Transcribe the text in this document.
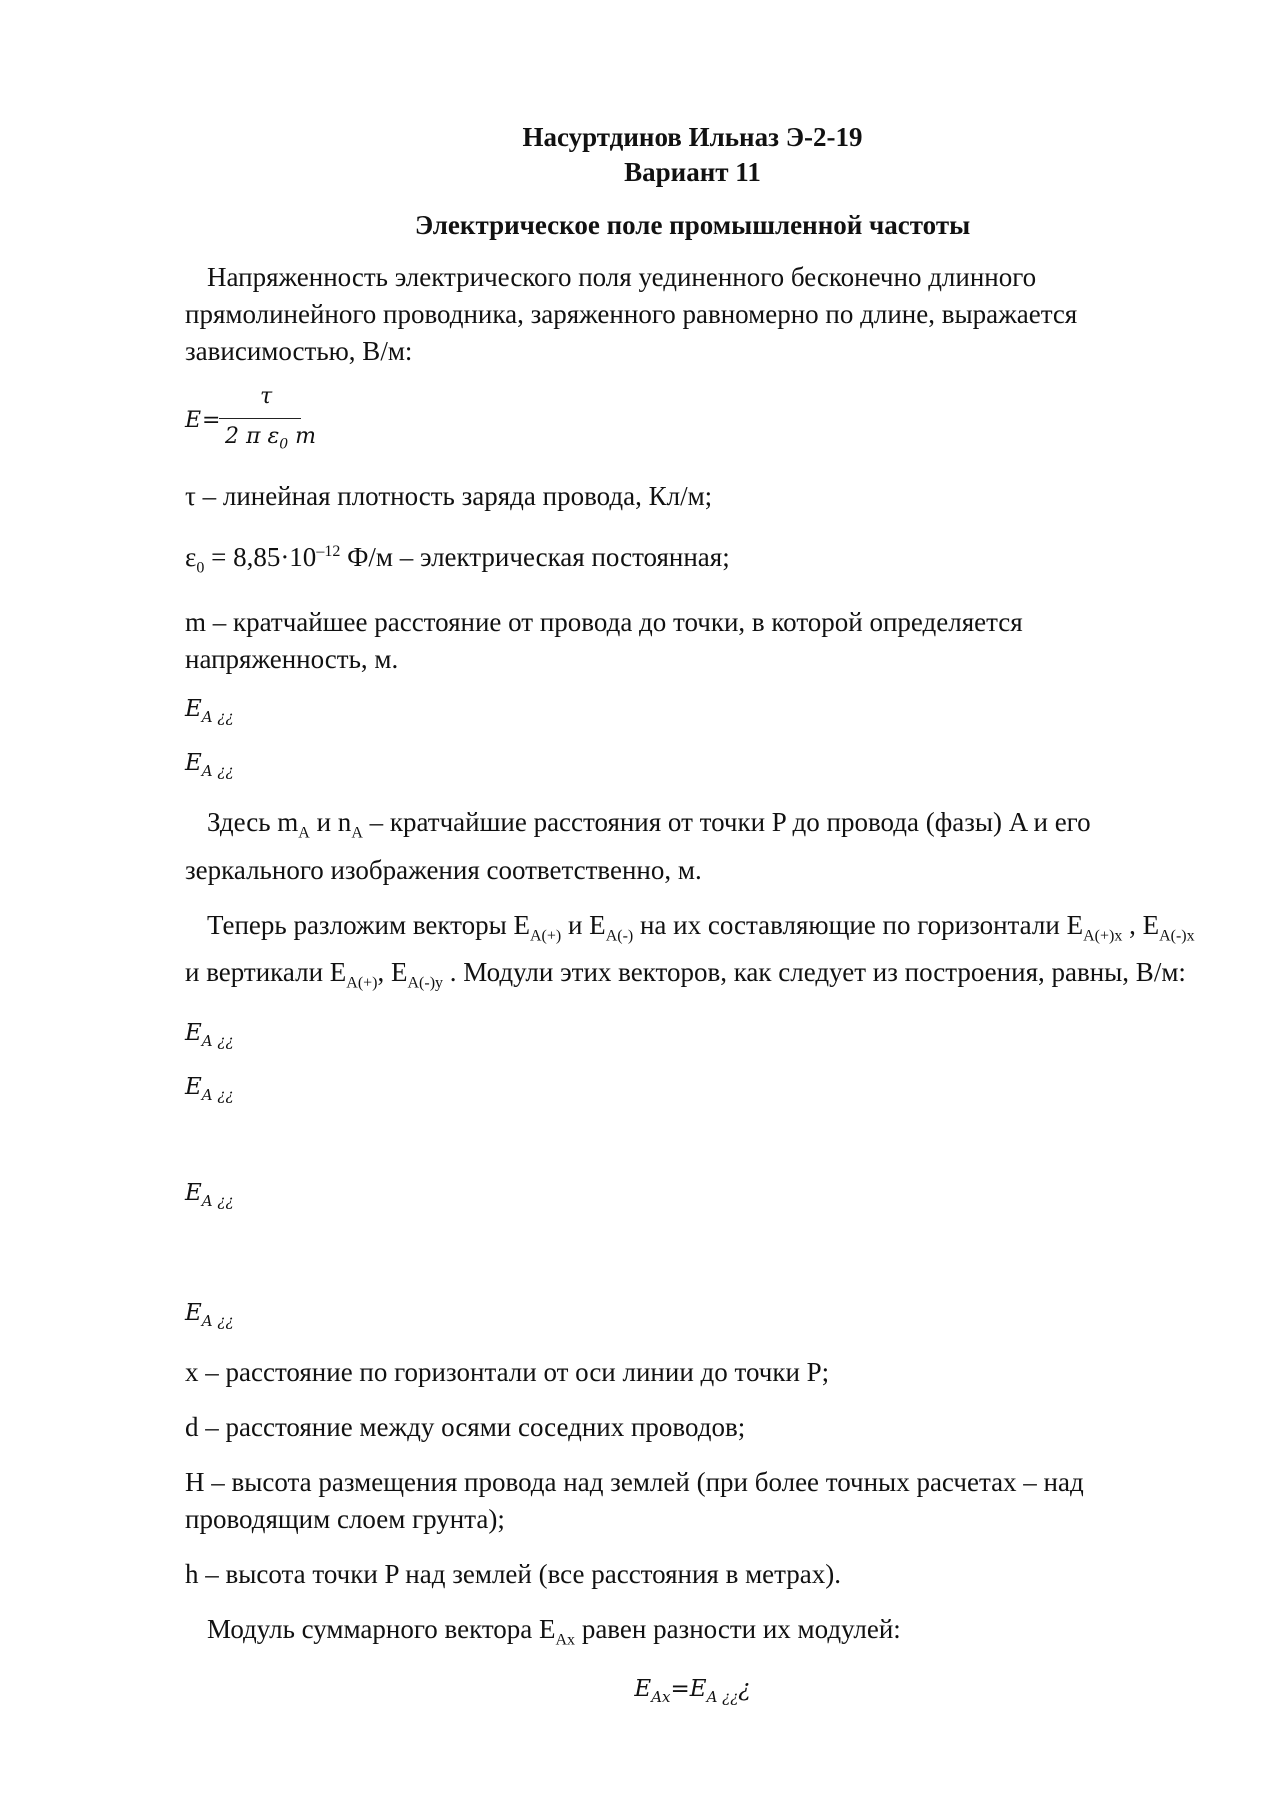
Насуртдинов Ильназ Э-2-19
Вариант 11
Электрическое поле промышленной частоты

Напряженность электрического поля уединенного бесконечно длинного прямолинейного проводника, заряженного равномерно по длине, выражается зависимостью, В/м:

E =
τ
2 π $\varepsilon_0$ m

τ – линейная плотность заряда провода, Кл/м;

$\varepsilon_0 = 8,85\cdot 10^{-12}$ Ф/м – электрическая постоянная;

m – кратчайшее расстояние от провода до точки, в которой определяется напряженность, м.

$E_{A ¿¿}$
$E_{A ¿¿}$

Здесь $m_A$ и $n_A$ – кратчайшие расстояния от точки P до провода (фазы) A и его зеркального изображения соответственно, м.

Теперь разложим векторы $E_{A(+)}$ и $E_{A(-)}$ на их составляющие по горизонтали $E_{A(+)x}$ , $E_{A(-)x}$ и вертикали $E_{A(+)}$, $E_{A(-)y}$ . Модули этих векторов, как следует из построения, равны, В/м:

$E_{A ¿¿}$
$E_{A ¿¿}$
$E_{A ¿¿}$
$E_{A ¿¿}$

x – расстояние по горизонтали от оси линии до точки P;

d – расстояние между осями соседних проводов;

H – высота размещения провода над землей (при более точных расчетах – над проводящим слоем грунта);

h – высота точки P над землей (все расстояния в метрах).

Модуль суммарного вектора $E_{Ax}$ равен разности их модулей:

$E_{Ax}=E_{A ¿¿}¿$
